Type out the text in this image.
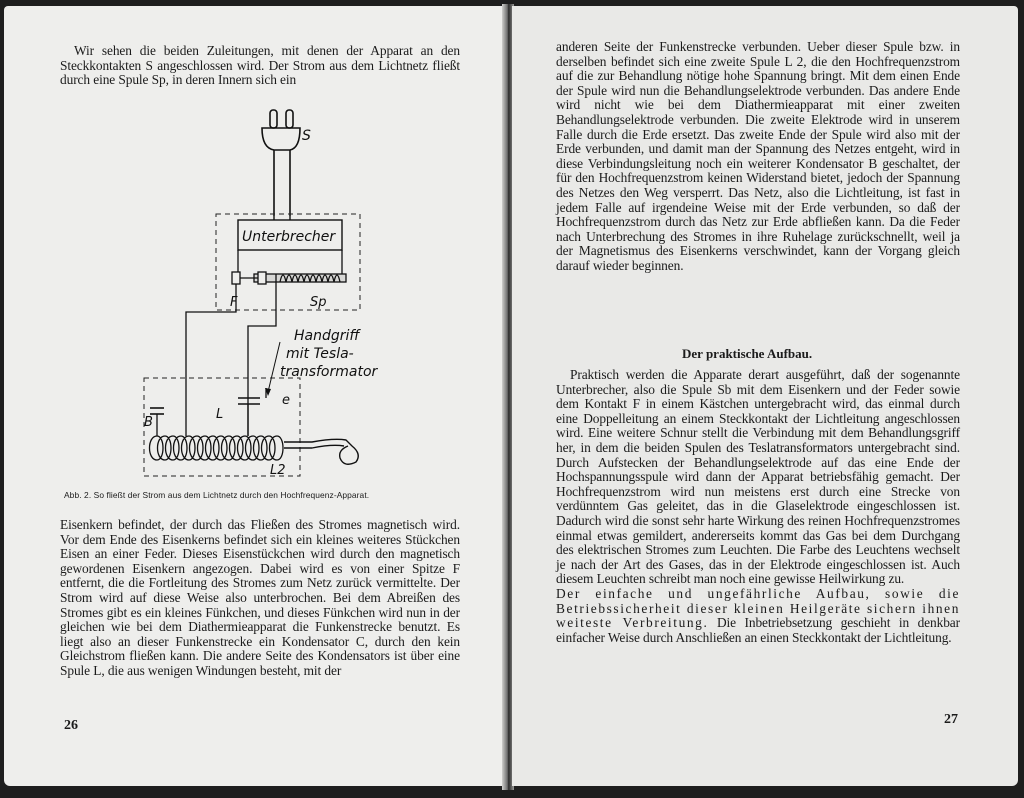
Wir sehen die beiden Zuleitungen, mit denen der Apparat an den Steckkontakten S angeschlossen wird. Der Strom aus dem Lichtnetz fließt durch eine Spule Sp, in deren Innern sich ein

S
Unterbrecher
F	Sp
Handgriff
mit Tesla-
transformator
e
B
L
L2
Abb. 2. So fließt der Strom aus dem Lichtnetz durch den Hochfrequenz-Apparat.

Eisenkern befindet, der durch das Fließen des Stromes magnetisch wird. Vor dem Ende des Eisenkerns befindet sich ein kleines weiteres Stückchen Eisen an einer Feder. Dieses Eisenstückchen wird durch den magnetisch gewordenen Eisenkern angezogen. Dabei wird es von einer Spitze F entfernt, die die Fortleitung des Stromes zum Netz zurück vermittelte. Der Strom wird auf diese Weise also unterbrochen. Bei dem Abreißen des Stromes gibt es ein kleines Fünkchen, und dieses Fünkchen wird nun in der gleichen wie bei dem Diathermieapparat die Funkenstrecke benutzt. Es liegt also an dieser Funkenstrecke ein Kondensator C, durch den kein Gleichstrom fließen kann. Die andere Seite des Kondensators ist über eine Spule L, die aus wenigen Windungen besteht, mit der

26

anderen Seite der Funkenstrecke verbunden. Ueber dieser Spule bzw. in derselben befindet sich eine zweite Spule L 2, die den Hochfrequenzstrom auf die zur Behandlung nötige hohe Spannung bringt. Mit dem einen Ende der Spule wird nun die Behandlungselektrode verbunden. Das andere Ende wird nicht wie bei dem Diathermieapparat mit einer zweiten Behandlungselektrode verbunden. Die zweite Elektrode wird in unserem Falle durch die Erde ersetzt. Das zweite Ende der Spule wird also mit der Erde verbunden, und damit man der Spannung des Netzes entgeht, wird in diese Verbindungsleitung noch ein weiterer Kondensator B geschaltet, der für den Hochfrequenzstrom keinen Widerstand bietet, jedoch der Spannung des Netzes den Weg versperrt. Das Netz, also die Lichtleitung, ist fast in jedem Falle auf irgendeine Weise mit der Erde verbunden, so daß der Hochfrequenzstrom durch das Netz zur Erde abfließen kann. Da die Feder nach Unterbrechung des Stromes in ihre Ruhelage zurückschnellt, weil ja der Magnetismus des Eisenkerns verschwindet, kann der Vorgang gleich darauf wieder beginnen.

Der praktische Aufbau.

Praktisch werden die Apparate derart ausgeführt, daß der sogenannte Unterbrecher, also die Spule Sb mit dem Eisenkern und der Feder sowie dem Kontakt F in einem Kästchen untergebracht wird, das einmal durch eine Doppelleitung an einem Steckkontakt der Lichtleitung angeschlossen wird. Eine weitere Schnur stellt die Verbindung mit dem Behandlungsgriff her, in dem die beiden Spulen des Teslatransformators untergebracht sind. Durch Aufstecken der Behandlungselektrode auf das eine Ende der Hochspannungsspule wird dann der Apparat betriebsfähig gemacht. Der Hochfrequenzstrom wird nun meistens erst durch eine Strecke von verdünntem Gas geleitet, das in die Glaselektrode eingeschlossen ist. Dadurch wird die sonst sehr harte Wirkung des reinen Hochfrequenzstromes einmal etwas gemildert, andererseits kommt das Gas bei dem Durchgang des elektrischen Stromes zum Leuchten. Die Farbe des Leuchtens wechselt je nach der Art des Gases, das in der Elektrode eingeschlossen ist. Auch diesem Leuchten schreibt man noch eine gewisse Heilwirkung zu.
Der einfache und ungefährliche Aufbau, sowie die Betriebssicherheit dieser kleinen Heilgeräte sichern ihnen weiteste Verbreitung. Die Inbetriebsetzung geschieht in denkbar einfacher Weise durch Anschließen an einen Steckkontakt der Lichtleitung.

27
